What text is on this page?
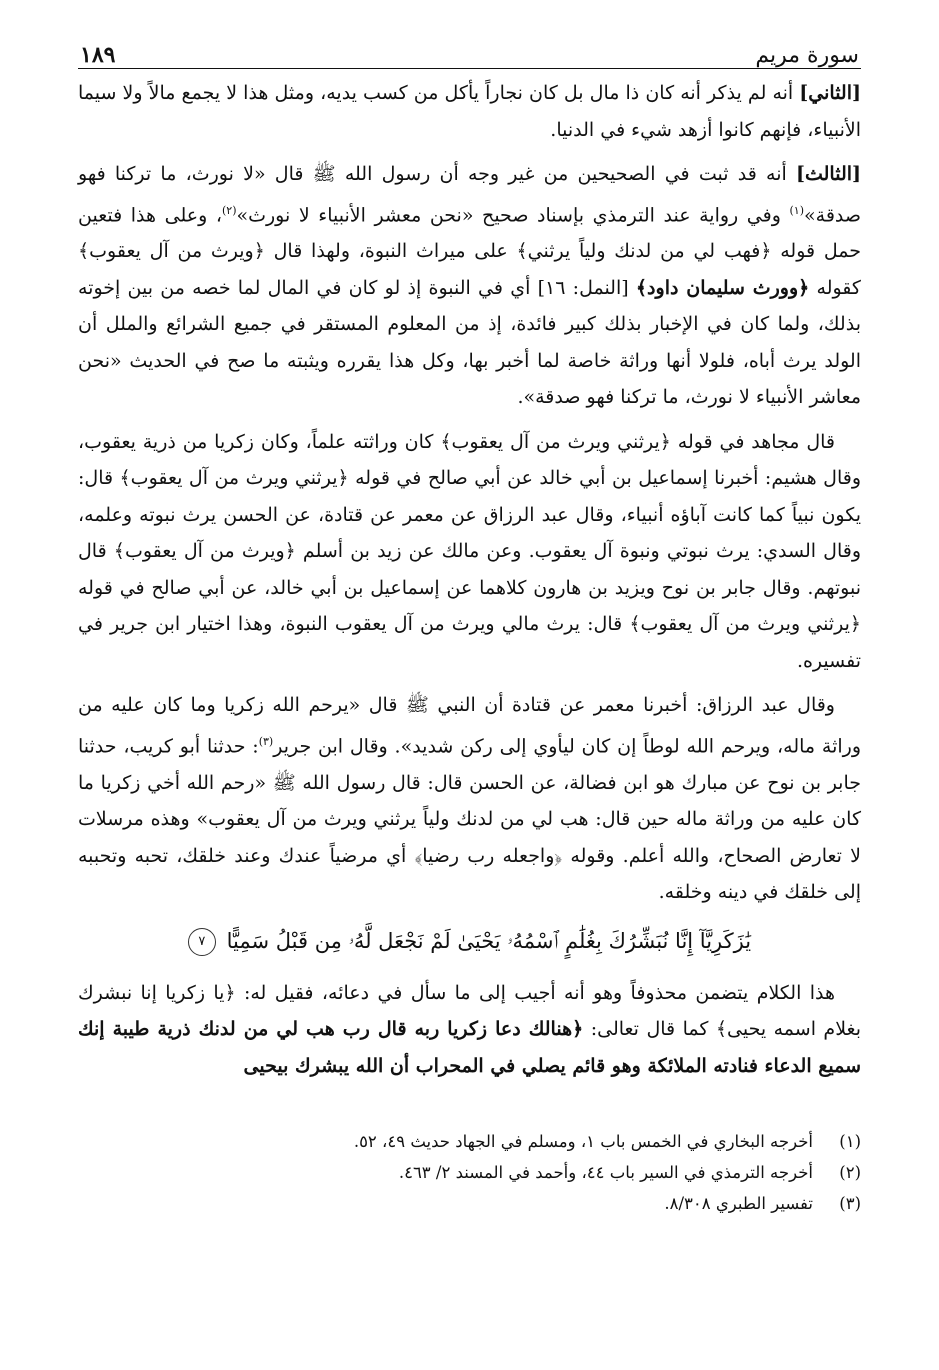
سورة مريم
١٨٩

[الثاني] أنه لم يذكر أنه كان ذا مال بل كان نجاراً يأكل من كسب يديه، ومثل هذا لا يجمع مالاً ولا سيما الأنبياء، فإنهم كانوا أزهد شيء في الدنيا.

[الثالث] أنه قد ثبت في الصحيحين من غير وجه أن رسول الله ﷺ قال «لا نورث، ما تركنا فهو صدقة»$^{(١)}$ وفي رواية عند الترمذي بإسناد صحيح «نحن معشر الأنبياء لا نورث»$^{(٢)}$، وعلى هذا فتعين حمل قوله ﴿فهب لي من لدنك ولياً يرثني﴾ على ميراث النبوة، ولهذا قال ﴿ويرث من آل يعقوب﴾ كقوله ﴿وورث سليمان داود﴾ [النمل: ١٦] أي في النبوة إذ لو كان في المال لما خصه من بين إخوته بذلك، ولما كان في الإخبار بذلك كبير فائدة، إذ من المعلوم المستقر في جميع الشرائع والملل أن الولد يرث أباه، فلولا أنها وراثة خاصة لما أخبر بها، وكل هذا يقرره ويثبته ما صح في الحديث «نحن معاشر الأنبياء لا نورث، ما تركنا فهو صدقة».

قال مجاهد في قوله ﴿يرثني ويرث من آل يعقوب﴾ كان وراثته علماً، وكان زكريا من ذرية يعقوب، وقال هشيم: أخبرنا إسماعيل بن أبي خالد عن أبي صالح في قوله ﴿يرثني ويرث من آل يعقوب﴾ قال: يكون نبياً كما كانت آباؤه أنبياء، وقال عبد الرزاق عن معمر عن قتادة، عن الحسن يرث نبوته وعلمه، وقال السدي: يرث نبوتي ونبوة آل يعقوب. وعن مالك عن زيد بن أسلم ﴿ويرث من آل يعقوب﴾ قال نبوتهم. وقال جابر بن نوح ويزيد بن هارون كلاهما عن إسماعيل بن أبي خالد، عن أبي صالح في قوله ﴿يرثني ويرث من آل يعقوب﴾ قال: يرث مالي ويرث من آل يعقوب النبوة، وهذا اختيار ابن جرير في تفسيره.

وقال عبد الرزاق: أخبرنا معمر عن قتادة أن النبي ﷺ قال «يرحم الله زكريا وما كان عليه من وراثة ماله، ويرحم الله لوطاً إن كان ليأوي إلى ركن شديد». وقال ابن جرير$^{(٣)}$: حدثنا أبو كريب، حدثنا جابر بن نوح عن مبارك هو ابن فضالة، عن الحسن قال: قال رسول الله ﷺ «رحم الله أخي زكريا ما كان عليه من وراثة ماله حين قال: هب لي من لدنك ولياً يرثني ويرث من آل يعقوب» وهذه مرسلات لا تعارض الصحاح، والله أعلم. وقوله ﴿واجعله رب رضيا﴾ أي مرضياً عندك وعند خلقك، تحبه وتحببه إلى خلقك في دينه وخلقه.

يَٰزَكَرِيَّآ إِنَّا نُبَشِّرُكَ بِغُلَٰمٍ ٱسْمُهُۥ يَحْيَىٰ لَمْ نَجْعَل لَّهُۥ مِن قَبْلُ سَمِيًّا ٧

هذا الكلام يتضمن محذوفاً وهو أنه أجيب إلى ما سأل في دعائه، فقيل له: ﴿يا زكريا إنا نبشرك بغلام اسمه يحيى﴾ كما قال تعالى: ﴿هنالك دعا زكريا ربه قال رب هب لي من لدنك ذرية طيبة إنك سميع الدعاء فنادته الملائكة وهو قائم يصلي في المحراب أن الله يبشرك بيحيى

(١)
أخرجه البخاري في الخمس باب ١، ومسلم في الجهاد حديث ٤٩، ٥٢.
(٢)
أخرجه الترمذي في السير باب ٤٤، وأحمد في المسند ٢/ ٤٦٣.
(٣)
تفسير الطبري ٨/٣٠٨.
